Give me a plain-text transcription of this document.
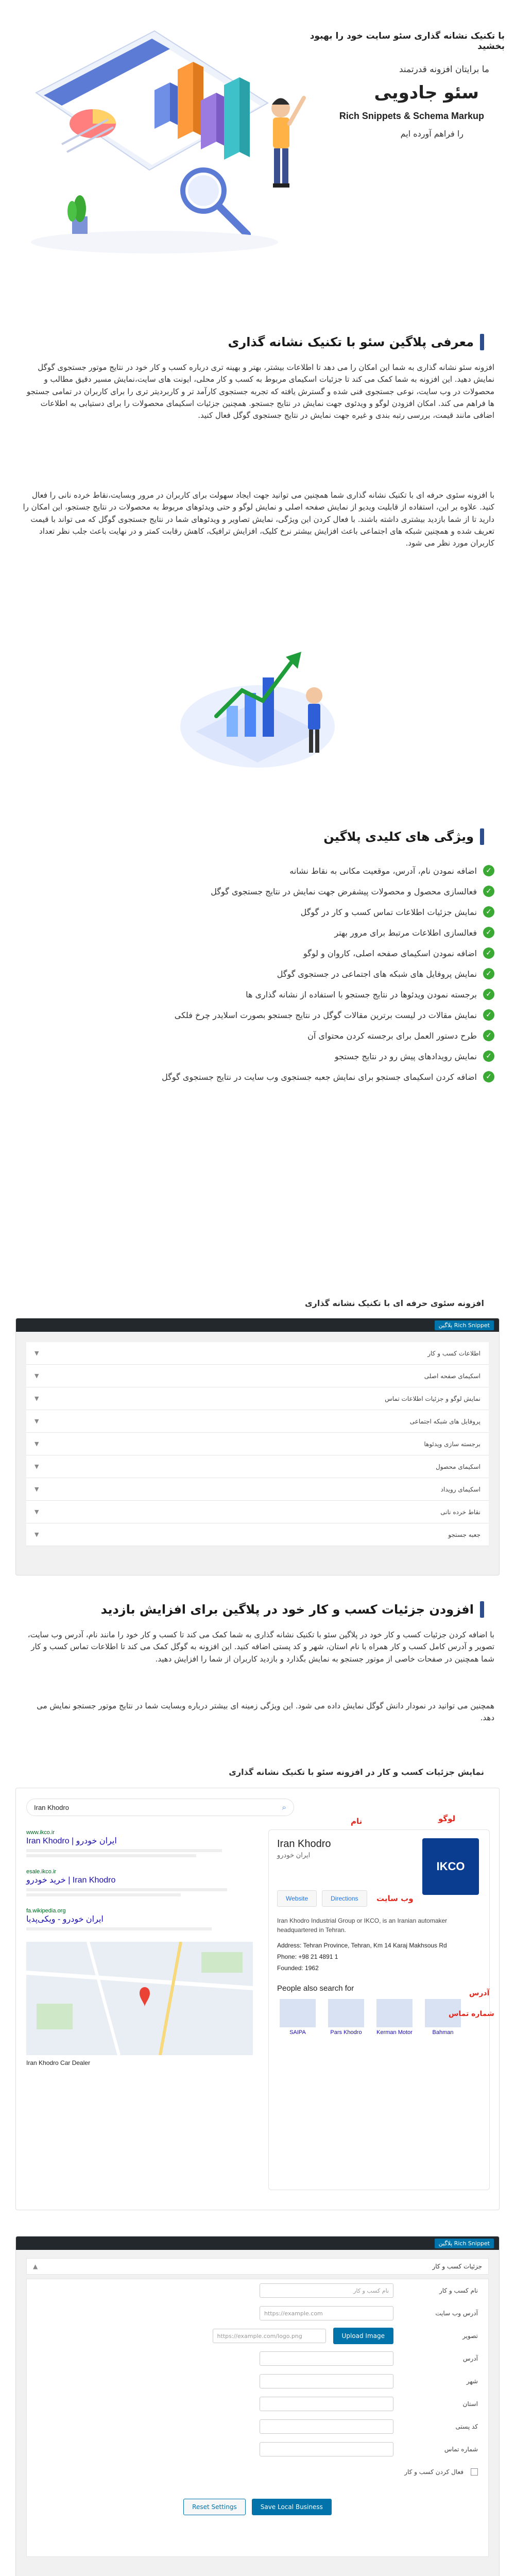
با تکنیک نشانه گذاری سئو سایت خود را بهبود بخشید
ما برایتان افزونه قدرتمند
سئو جادویی
Rich Snippets & Schema Markup
را فراهم آورده ایم
معرفی پلاگین سئو با تکنیک نشانه گذاری

افزونه سئو نشانه گذاری به شما این امکان را می دهد تا اطلاعات بیشتر، بهتر و بهینه تری درباره کسب و کار خود در نتایج موتور جستجوی گوگل نمایش دهید. این افزونه به شما کمک می کند تا جزئیات اسکیمای مربوط به کسب و کار محلی، ایونت های سایت،نمایش مسیر دقیق مطالب و محصولات در وب سایت، نوعی جستجوی فنی شده و گسترش یافته که تجربه جستجوی کارآمد تر و کاربردیتر تری را برای کاربران در تمامی جستجو ها فراهم می کند. امکان افزودن لوگو و ویدئوی جهت نمایش در نتایج جستجو. همچنین جزئیات اسکیمای محصولات را برای دستیابی به اطلاعات اضافی مانند قیمت، بررسی رتبه بندی و غیره جهت نمایش در نتایج جستجوی گوگل فعال کنید.

با افزونه سئوی حرفه ای با تکنیک نشانه گذاری شما همچنین می توانید جهت ایجاد سهولت برای کاربران در مرور وبسایت،نقاط خرده نانی را فعال کنید. علاوه بر این، استفاده از قابلیت ویدیو از نمایش صفحه اصلی و نمایش لوگو و حتی ویدئوهای مربوط به محصولات در نتایج جستجو، این امکان را دارید تا از شما بازدید بیشتری داشته باشند. با فعال کردن این ویژگی، نمایش تصاویر و ویدئوهای شما در نتایج جستجوی گوگل که می تواند با قیمت تعریف شده و همچنین شبکه های اجتماعی باعث افزایش بیشتر نرخ کلیک، افزایش ترافیک، کاهش رقابت کمتر و در نهایت باعث جلب نظر تعداد کاربران مورد نظر می شود.

ویژگی های کلیدی پلاگین
✓
اضافه نمودن نام، آدرس، موقعیت مکانی به نقاط نشانه
✓
فعالسازی محصول و محصولات پیشفرض جهت نمایش در نتایج جستجوی گوگل
✓
نمایش جزئیات اطلاعات تماس کسب و کار در گوگل
✓
فعالسازی اطلاعات مرتبط برای مرور بهتر
✓
اضافه نمودن اسکیمای صفحه اصلی، کاروان و لوگو
✓
نمایش پروفایل های شبکه های اجتماعی در جستجوی گوگل
✓
برجسته نمودن ویدئوها در نتایج جستجو با استفاده از نشانه گذاری ها
✓
نمایش مقالات در لیست برترین مقالات گوگل در نتایج جستجو بصورت اسلایدر چرخ فلکی
✓
طرح دستور العمل برای برجسته کردن محتوای آن
✓
نمایش رویدادهای پیش رو در نتایج جستجو
✓
اضافه کردن اسکیمای جستجو برای نمایش جعبه جستجوی وب سایت در نتایج جستجوی گوگل
افزونه سئوی حرفه ای با تکنیک نشانه گذاری
Rich Snippet پلاگین
اطلاعات کسب و کار
▼
اسکیمای صفحه اصلی
▼
نمایش لوگو و جزئیات اطلاعات تماس
▼
پروفایل های شبکه اجتماعی
▼
برجسته سازی ویدئوها
▼
اسکیمای محصول
▼
اسکیمای رویداد
▼
نقاط خرده نانی
▼
جعبه جستجو
▼
افزودن جزئیات کسب و کار خود در پلاگین برای افزایش بازدید

با اضافه کردن جزئیات کسب و کار خود در پلاگین سئو با تکنیک نشانه گذاری به شما کمک می کند تا کسب و کار خود را مانند نام، آدرس وب سایت، تصویر و آدرس کامل کسب و کار همراه با نام استان، شهر و کد پستی اضافه کنید. این افزونه به گوگل کمک می کند تا اطلاعات تماس کسب و کار شما همچنین در صفحات خاصی از موتور جستجو به نمایش بگذارد و بازدید کاربران از شما را افزایش دهید.

همچنین می توانید در نمودار دانش گوگل نمایش داده می شود. این ویژگی زمینه ای بیشتر درباره وبسایت شما در نتایج موتور جستجو نمایش می دهد.

نمایش جزئیات کسب و کار در افزونه سئو با تکنیک نشانه گذاری
Iran Khodro	⌕
www.ikco.ir
Iran Khodro | ایران خودرو
esale.ikco.ir
خرید خودرو | Iran Khodro
fa.wikipedia.org
ایران خودرو - ویکی‌پدیا
Iran Khodro Car Dealer
Iran Khodro
ایران خودرو
IKCO
Website	Directions
Iran Khodro Industrial Group or IKCO, is an Iranian automaker headquartered in Tehran.
Address: Tehran Province, Tehran, Km 14 Karaj Makhsous Rd
Phone: +98 21 4891 1
Founded: 1962
People also search for
SAIPA	Pars Khodro	Kerman Motor	Bahman
لوگو
نام
وب سایت
آدرس
شماره تماس
Rich Snippet پلاگین
جزئیات کسب و کار
▲
نام کسب و کار
نام کسب و کار
آدرس وب سایت
https://example.com
تصویر
Upload Image
https://example.com/logo.png
آدرس
شهر
استان
کد پستی
شماره تماس
فعال کردن کسب و کار
Reset Settings	Save Local Business
